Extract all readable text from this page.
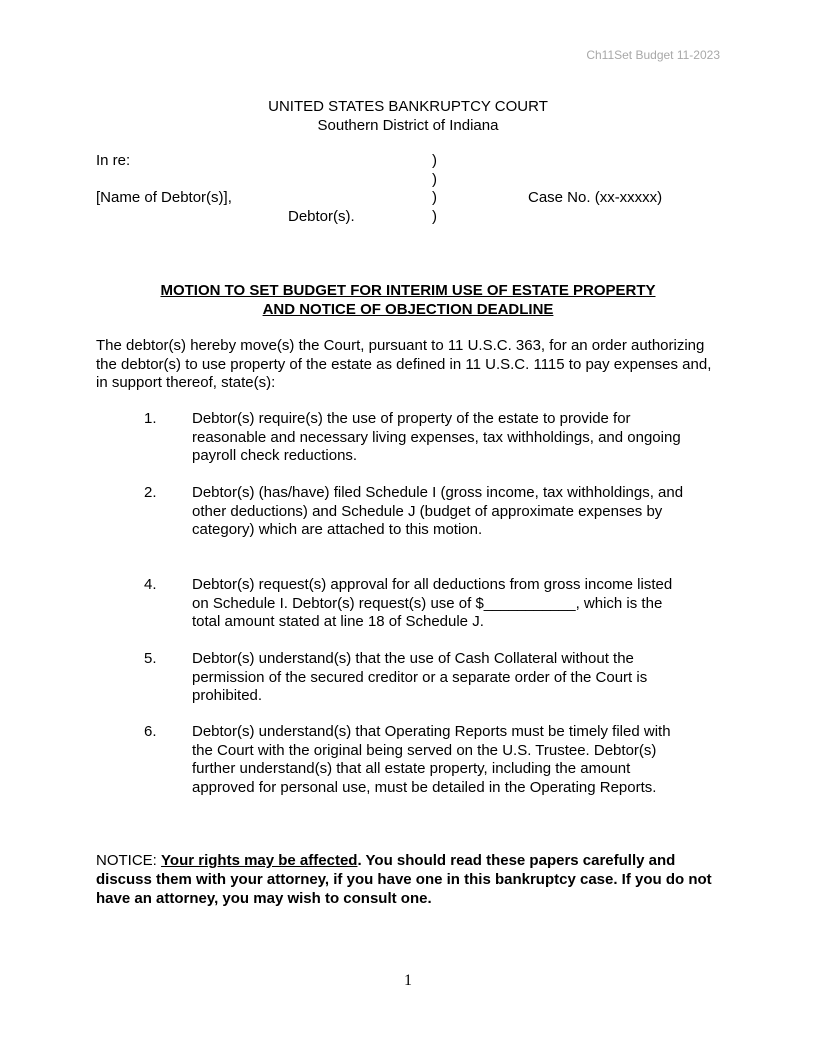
Ch11Set Budget 11-2023
UNITED STATES BANKRUPTCY COURT
Southern District of Indiana
In re:
[Name of Debtor(s)],
Debtor(s).
)
)
)
)
Case No. (xx-xxxxx)
MOTION TO SET BUDGET FOR INTERIM USE OF ESTATE PROPERTY
AND NOTICE OF OBJECTION DEADLINE
The debtor(s) hereby move(s) the Court, pursuant to 11 U.S.C. 363, for an order authorizing the debtor(s) to use property of the estate as defined in 11 U.S.C. 1115 to pay expenses and, in support thereof, state(s):
1. Debtor(s) require(s) the use of property of the estate to provide for reasonable and necessary living expenses, tax withholdings, and ongoing payroll check reductions.
2. Debtor(s) (has/have) filed Schedule I (gross income, tax withholdings, and other deductions) and Schedule J (budget of approximate expenses by category) which are attached to this motion.
4. Debtor(s) request(s) approval for all deductions from gross income listed on Schedule I. Debtor(s) request(s) use of $___________, which is the total amount stated at line 18 of Schedule J.
5. Debtor(s) understand(s) that the use of Cash Collateral without the permission of the secured creditor or a separate order of the Court is prohibited.
6. Debtor(s) understand(s) that Operating Reports must be timely filed with the Court with the original being served on the U.S. Trustee. Debtor(s) further understand(s) that all estate property, including the amount approved for personal use, must be detailed in the Operating Reports.
NOTICE: Your rights may be affected. You should read these papers carefully and discuss them with your attorney, if you have one in this bankruptcy case. If you do not have an attorney, you may wish to consult one.
1
